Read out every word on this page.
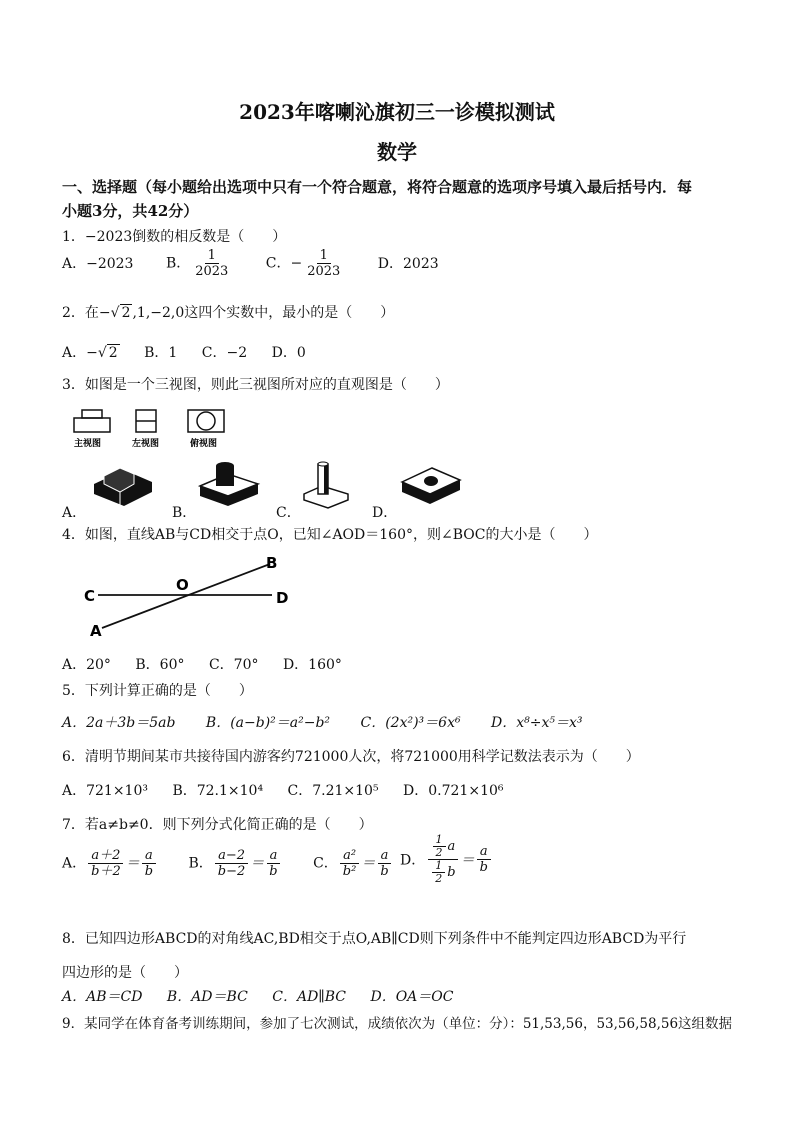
2023年喀喇沁旗初三一诊模拟测试
数学
一、选择题（每小题给出选项中只有一个符合题意，将符合题意的选项序号填入最后括号内．每
小题3分，共42分）
1．−2023倒数的相反数是（　　）
A．−2023 B． $\frac{1}{2023}$ C．− $\frac{1}{2023}$ D．2023
2．在−√ 2 ,1,−2,0这四个实数中，最小的是（　　）
A．−√ 2 B．1 C．−2 D．0
3．如图是一个三视图，则此三视图所对应的直观图是（　　）
主视图	左视图	俯视图
A．	B．	C．	D．
4．如图，直线AB与CD相交于点O，已知∠AOD＝160°，则∠BOC的大小是（　　）
C
O
B
D
A
A．20° B．60° C．70° D．160°
5．下列计算正确的是（　　）
A．2a＋3b＝5ab B．(a−b)²＝a²−b² C．(2x²)³＝6x⁶ D．x⁸÷x⁵＝x³
6．清明节期间某市共接待国内游客约721000人次，将721000用科学记数法表示为（　　）
A．721×10³ B．72.1×10⁴ C．7.21×10⁵ D．0.721×10⁶
7．若a≠b≠0．则下列分式化简正确的是（　　）
A． $\frac{a+2}{b+2} = \frac{a}{b}$ B． $\frac{a-2}{b-2} = \frac{a}{b}$ C． $\frac{\text{a²}}{\text{b²}} = \frac{a}{b}$ D． $\frac{\frac{1}{2} a}{\frac{1}{2} b} = \frac{a}{b}$
8．已知四边形ABCD的对角线AC,BD相交于点O,AB∥CD则下列条件中不能判定四边形ABCD为平行
四边形的是（　　）
A．AB＝CD B．AD＝BC C．AD∥BC D．OA＝OC
9．某同学在体育备考训练期间，参加了七次测试，成绩依次为（单位：分）：51,53,56，53,56,58,56这组数据
